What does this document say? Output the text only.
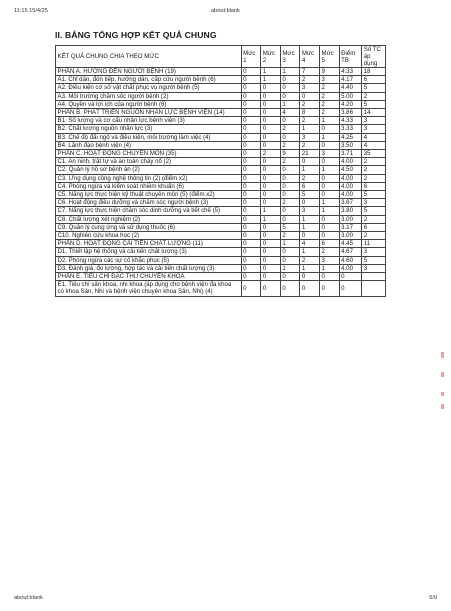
11:15 15/4/25	about:blank
II. BẢNG TỔNG HỢP KẾT QUẢ CHUNG
KẾT QUẢ CHUNG CHIA THEO MỨC	Mức 1	Mức 2	Mức 3	Mức 4	Mức 5	Điểm TB	Số TC áp dụng
PHẦN A. HƯỚNG ĐẾN NGƯỜI BỆNH (19)	0	1	1	7	9	4.33	18
A1. Chỉ dẫn, đón tiếp, hướng dẫn, cấp cứu người bệnh (6)	0	1	0	2	3	4.17	6
A2. Điều kiện cơ sở vật chất phục vụ người bệnh (5)	0	0	0	3	2	4.40	5
A3. Môi trường chăm sóc người bệnh (2)	0	0	0	0	2	5.00	2
A4. Quyền và lợi ích của người bệnh (6)	0	0	1	2	2	4.20	5
PHẦN B. PHÁT TRIỂN NGUỒN NHÂN LỰC BỆNH VIỆN (14)	0	0	4	8	2	3.86	14
B1. Số lượng và cơ cấu nhân lực bệnh viện (3)	0	0	0	2	1	4.33	3
B2. Chất lượng nguồn nhân lực (3)	0	0	2	1	0	3.33	3
B3. Chế độ đãi ngộ và điều kiện, môi trường làm việc (4)	0	0	0	3	1	4.25	4
B4. Lãnh đạo bệnh viện (4)	0	0	2	2	0	3.50	4
PHẦN C. HOẠT ĐỘNG CHUYÊN MÔN (35)	0	2	9	21	3	3.71	35
C1. An ninh, trật tự và an toàn cháy nổ (2)	0	0	2	0	0	4.00	2
C2. Quản lý hồ sơ bệnh án (2)	0	0	0	1	1	4.50	2
C3. Ứng dụng công nghệ thông tin (2) (điểm x2)	0	0	0	2	0	4.00	2
C4. Phòng ngừa và kiểm soát nhiễm khuẩn (6)	0	0	0	6	0	4.00	6
C5. Năng lực thực hiện kỹ thuật chuyên môn (5) (điểm x2)	0	0	0	5	0	4.00	5
C6. Hoạt động điều dưỡng và chăm sóc người bệnh (3)	0	0	2	0	1	3.67	3
C7. Năng lực thực hiện chăm sóc dinh dưỡng và tiết chế (5)	0	1	0	3	1	3.80	5
C8. Chất lượng xét nghiệm (2)	0	1	0	1	0	3.00	2
C9. Quản lý cung ứng và sử dụng thuốc (6)	0	0	5	1	0	3.17	6
C10. Nghiên cứu khoa học (2)	0	0	2	0	0	3.00	2
PHẦN D. HOẠT ĐỘNG CẢI TIẾN CHẤT LƯỢNG (11)	0	0	1	4	6	4.45	11
D1. Thiết lập hệ thống và cải tiến chất lượng (3)	0	0	0	1	2	4.67	3
D2. Phòng ngừa các sự cố khắc phục (5)	0	0	0	2	3	4.60	5
D3. Đánh giá, đo lường, hợp tác và cải tiến chất lượng (3)	0	0	1	1	1	4.00	3
PHẦN E. TIÊU CHÍ ĐẶC THÙ CHUYÊN KHOA	0	0	0	0	0	0	
E1. Tiêu chí sản khoa, nhi khoa (áp dụng cho bệnh viện đa khoa có khoa Sản, Nhi và bệnh viện chuyên khoa Sản, Nhi) (4)	0	0	0	0	0	0	
about:blank	6/9
